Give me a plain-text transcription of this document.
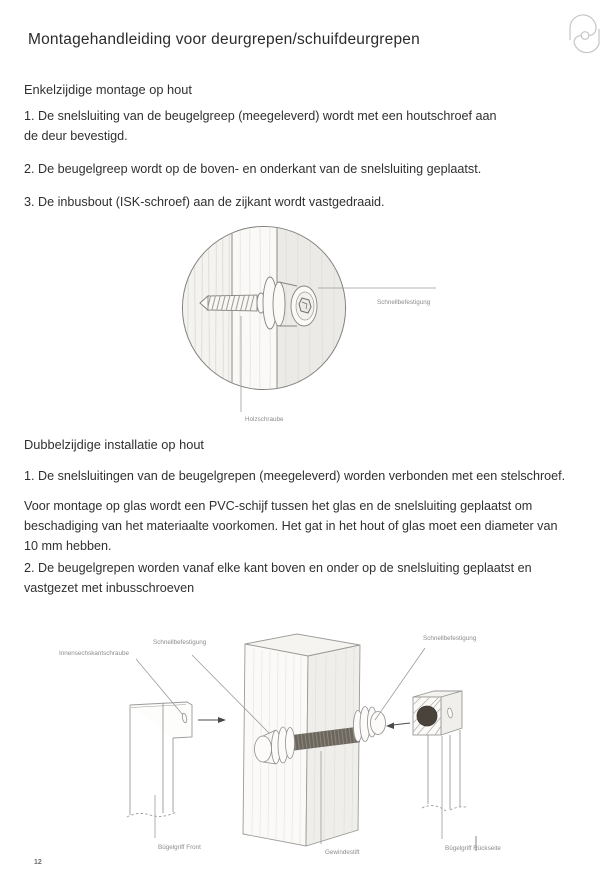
Montagehandleiding voor deurgrepen/schuifdeurgrepen
Enkelzijdige montage op hout
1. De snelsluiting van de beugelgreep (meegeleverd) wordt met een houtschroef aan
de deur bevestigd.
2. De beugelgreep wordt op de boven- en onderkant van de snelsluiting geplaatst.
3. De inbusbout (ISK-schroef) aan de zijkant wordt vastgedraaid.
Schnellbefestigung
Holzschraube
Dubbelzijdige installatie op hout
1. De snelsluitingen van de beugelgrepen (meegeleverd) worden verbonden met een stelschroef.
Voor montage op glas wordt een PVC-schijf tussen het glas en de snelsluiting geplaatst om
beschadiging van het materiaalte voorkomen. Het gat in het hout of glas moet een diameter van
10 mm hebben.
2. De beugelgrepen worden vanaf elke kant boven en onder op de snelsluiting geplaatst en
vastgezet met inbusschroeven
Innensechskantschraube
Schnellbefestigung
Schnellbefestigung
Bügelgriff Front
Gewindestift
Bügelgriff Rückseite
12
